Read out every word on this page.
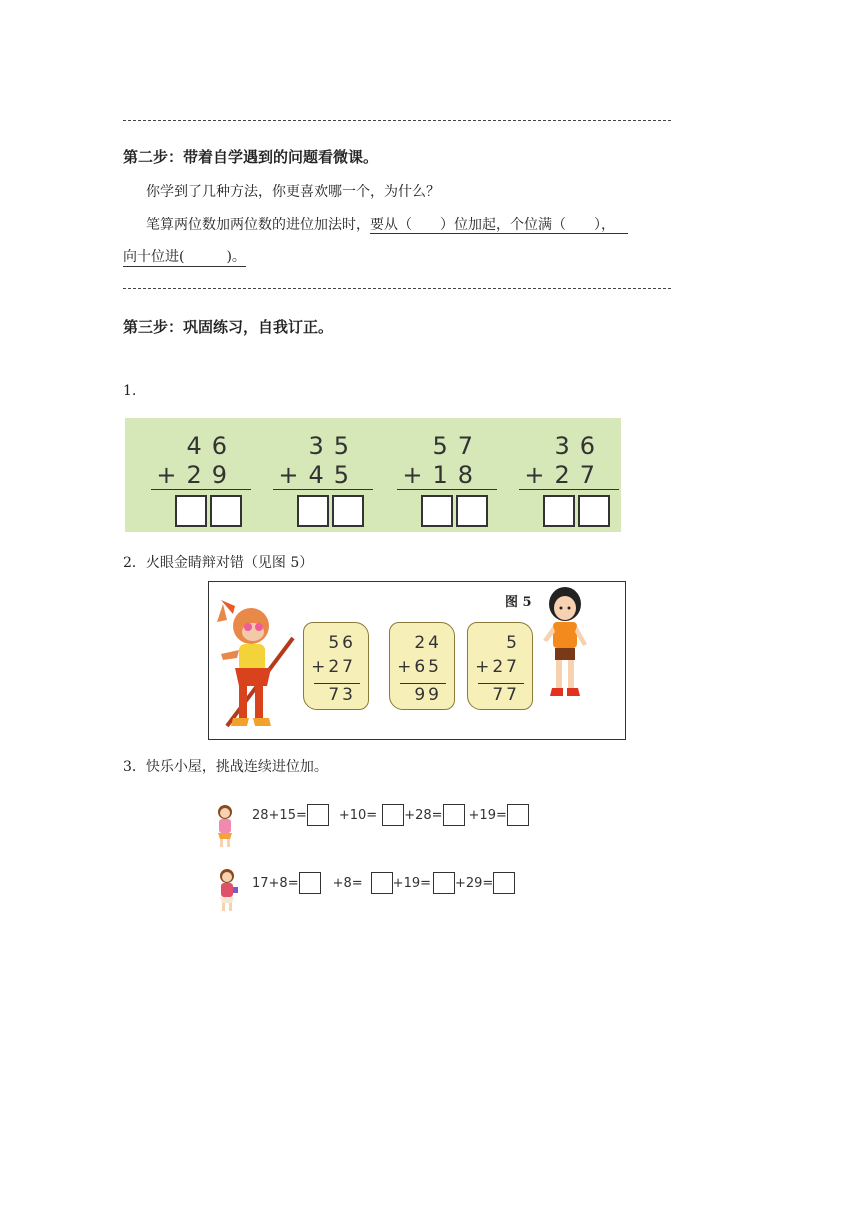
第二步：带着自学遇到的问题看微课。
你学到了几种方法，你更喜欢哪一个，为什么？
笔算两位数加两位数的进位加法时，要从（　　）位加起，个位满（　　），
向十位进(　　　)。
第三步：巩固练习，自我订正。
1.
46
+29
35
+45
57
+18
36
+27
2．火眼金睛辩对错（见图 5）
56
+27
73
24
+65
99
5
+27
77
图 5
3．快乐小屋，挑战连续进位加。
28+15= +10= +28= +19=
17+8=	+8= +19= +29=
